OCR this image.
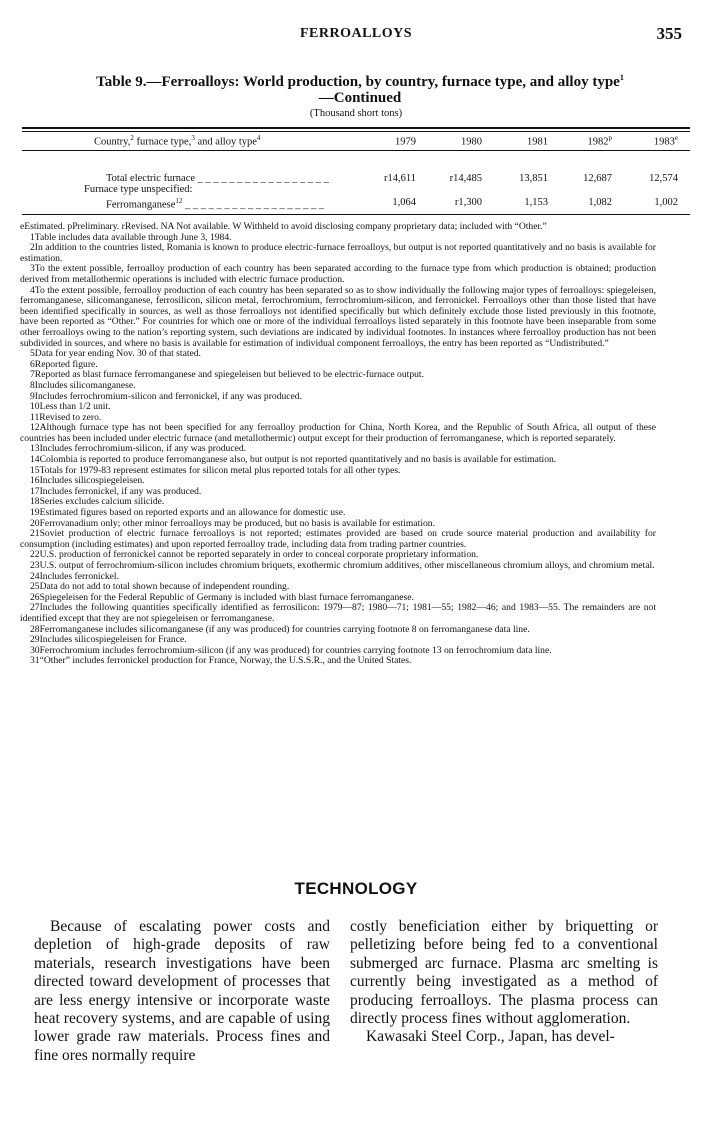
FERROALLOYS	355
Table 9.—Ferroalloys: World production, by country, furnace type, and alloy type$^1$
—Continued
(Thousand short tons)
Country,$^2$ furnace type,$^3$ and alloy type$^4$	1979	1980	1981	1982$^p$	1983e
Total electric furnace _ _ _ _ _ _ _ _ _ _ _ _ _ _ _ _ _	r14,611	r14,485	13,851	12,687	12,574
Furnace type unspecified:
Ferromanganese$^{12}$ _ _ _ _ _ _ _ _ _ _ _ _ _ _ _ _ _ _	1,064	r1,300	1,153	1,082	1,002

eEstimated. pPreliminary. rRevised. NA Not available. W Withheld to avoid disclosing company proprietary data; included with “Other.”

1Table includes data available through June 3, 1984.

2In addition to the countries listed, Romania is known to produce electric-furnace ferroalloys, but output is not reported quantitatively and no basis is available for estimation.

3To the extent possible, ferroalloy production of each country has been separated according to the furnace type from which production is obtained; production derived from metallothermic operations is included with electric furnace production.

4To the extent possible, ferroalloy production of each country has been separated so as to show individually the following major types of ferroalloys: spiegeleisen, ferromanganese, silicomanganese, ferrosilicon, silicon metal, ferrochromium, ferrochromium-silicon, and ferronickel. Ferroalloys other than those listed that have been identified specifically in sources, as well as those ferroalloys not identified specifically but which definitely exclude those listed previously in this footnote, have been reported as “Other.” For countries for which one or more of the individual ferroalloys listed separately in this footnote have been inseparable from some other ferroalloys owing to the nation’s reporting system, such deviations are indicated by individual footnotes. In instances where ferroalloy production has not been subdivided in sources, and where no basis is available for estimation of individual component ferroalloys, the entry has been reported as “Undistributed.”

5Data for year ending Nov. 30 of that stated.

6Reported figure.

7Reported as blast furnace ferromanganese and spiegeleisen but believed to be electric-furnace output.

8Includes silicomanganese.

9Includes ferrochromium-silicon and ferronickel, if any was produced.

10Less than 1/2 unit.

11Revised to zero.

12Although furnace type has not been specified for any ferroalloy production for China, North Korea, and the Republic of South Africa, all output of these countries has been included under electric furnace (and metallothermic) output except for their production of ferromanganese, which is reported separately.

13Includes ferrochromium-silicon, if any was produced.

14Colombia is reported to produce ferromanganese also, but output is not reported quantitatively and no basis is available for estimation.

15Totals for 1979-83 represent estimates for silicon metal plus reported totals for all other types.

16Includes silicospiegeleisen.

17Includes ferronickel, if any was produced.

18Series excludes calcium silicide.

19Estimated figures based on reported exports and an allowance for domestic use.

20Ferrovanadium only; other minor ferroalloys may be produced, but no basis is available for estimation.

21Soviet production of electric furnace ferroalloys is not reported; estimates provided are based on crude source material production and availability for consumption (including estimates) and upon reported ferroalloy trade, including data from trading partner countries.

22U.S. production of ferronickel cannot be reported separately in order to conceal corporate proprietary information.

23U.S. output of ferrochromium-silicon includes chromium briquets, exothermic chromium additives, other miscellaneous chromium alloys, and chromium metal.

24Includes ferronickel.

25Data do not add to total shown because of independent rounding.

26Spiegeleisen for the Federal Republic of Germany is included with blast furnace ferromanganese.

27Includes the following quantities specifically identified as ferrosilicon: 1979—87; 1980—71; 1981—55; 1982—46; and 1983—55. The remainders are not identified except that they are not spiegeleisen or ferromanganese.

28Ferromanganese includes silicomanganese (if any was produced) for countries carrying footnote 8 on ferromanganese data line.

29Includes silicospiegeleisen for France.

30Ferrochromium includes ferrochromium-silicon (if any was produced) for countries carrying footnote 13 on ferrochromium data line.

31“Other” includes ferronickel production for France, Norway, the U.S.S.R., and the United States.

TECHNOLOGY

Because of escalating power costs and depletion of high-grade deposits of raw materials, research investigations have been directed toward development of processes that are less energy intensive or incorporate waste heat recovery systems, and are capable of using lower grade raw materials. Process fines and fine ores normally require

costly beneficiation either by briquetting or pelletizing before being fed to a conventional submerged arc furnace. Plasma arc smelting is currently being investigated as a method of producing ferroalloys. The plasma process can directly process fines without agglomeration.

Kawasaki Steel Corp., Japan, has devel-
